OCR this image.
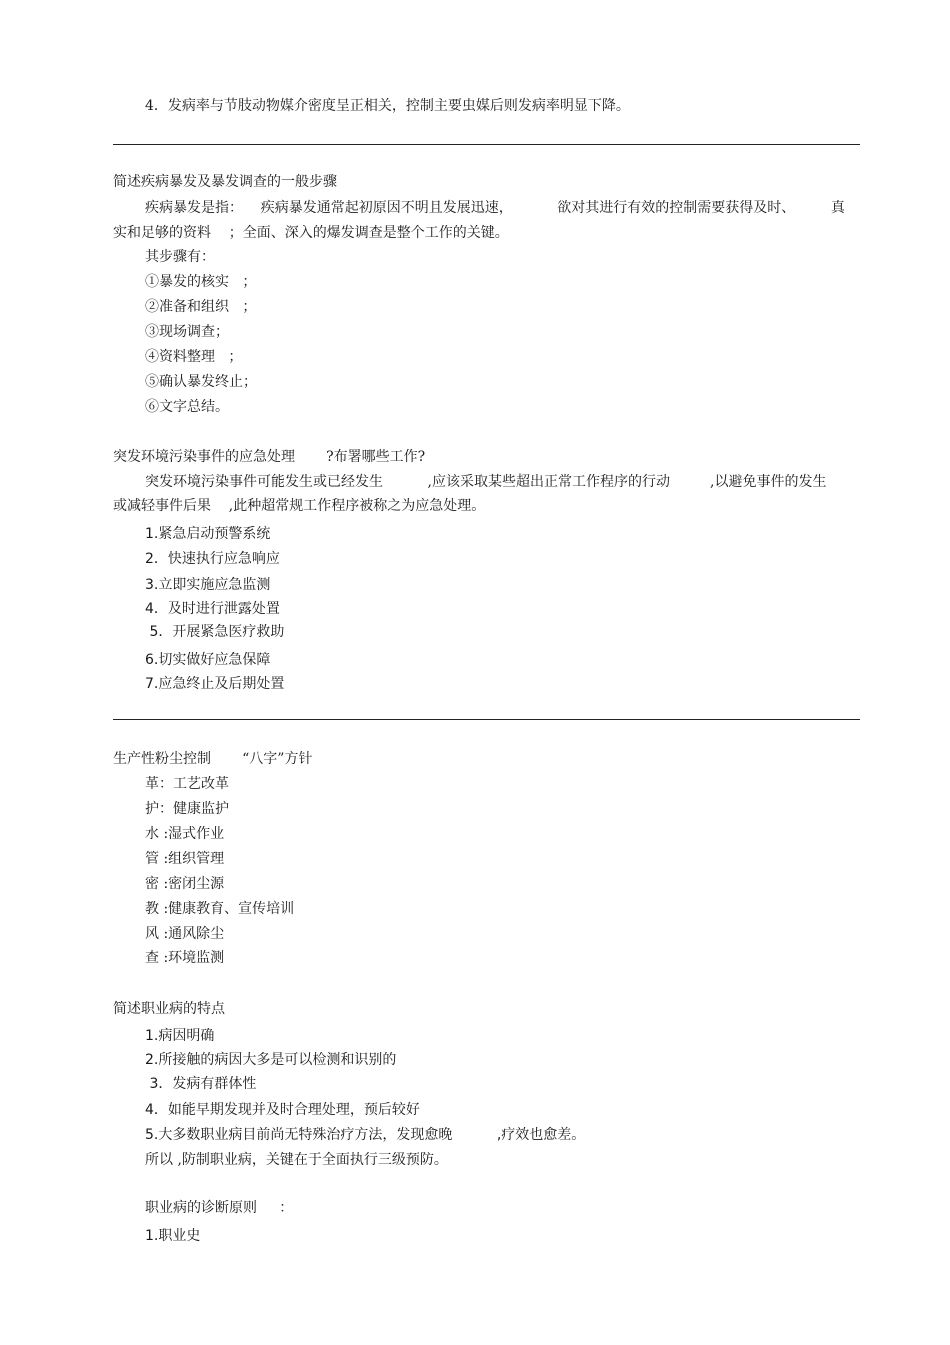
4．发病率与节肢动物媒介密度呈正相关，控制主要虫媒后则发病率明显下降。
简述疾病暴发及暴发调查的一般步骤
疾病暴发是指：    疾病暴发通常起初原因不明且发展迅速，          欲对其进行有效的控制需要获得及时、        真
实和足够的资料    ；全面、深入的爆发调查是整个工作的关键。
其步骤有：
①暴发的核实   ；
②准备和组织   ；
③现场调查；
④资料整理   ；
⑤确认暴发终止；
⑥文字总结。
突发环境污染事件的应急处理       ?布署哪些工作?
突发环境污染事件可能发生或已经发生          ,应该采取某些超出正常工作程序的行动         ,以避免事件的发生
或减轻事件后果    ,此种超常规工作程序被称之为应急处理。
1.紧急启动预警系统
2．快速执行应急响应
3.立即实施应急监测
4．及时进行泄露处置
5．开展紧急医疗救助
6.切实做好应急保障
7.应急终止及后期处置
生产性粉尘控制       “八字”方针
革：工艺改革
护：健康监护
水 :湿式作业
管 :组织管理
密 :密闭尘源
教 :健康教育、宣传培训
风 :通风除尘
查 :环境监测
简述职业病的特点
1.病因明确
2.所接触的病因大多是可以检测和识别的
3．发病有群体性
4．如能早期发现并及时合理处理，预后较好
5.大多数职业病目前尚无特殊治疗方法，发现愈晚          ,疗效也愈差。
所以 ,防制职业病，关键在于全面执行三级预防。
职业病的诊断原则     ：
1.职业史
